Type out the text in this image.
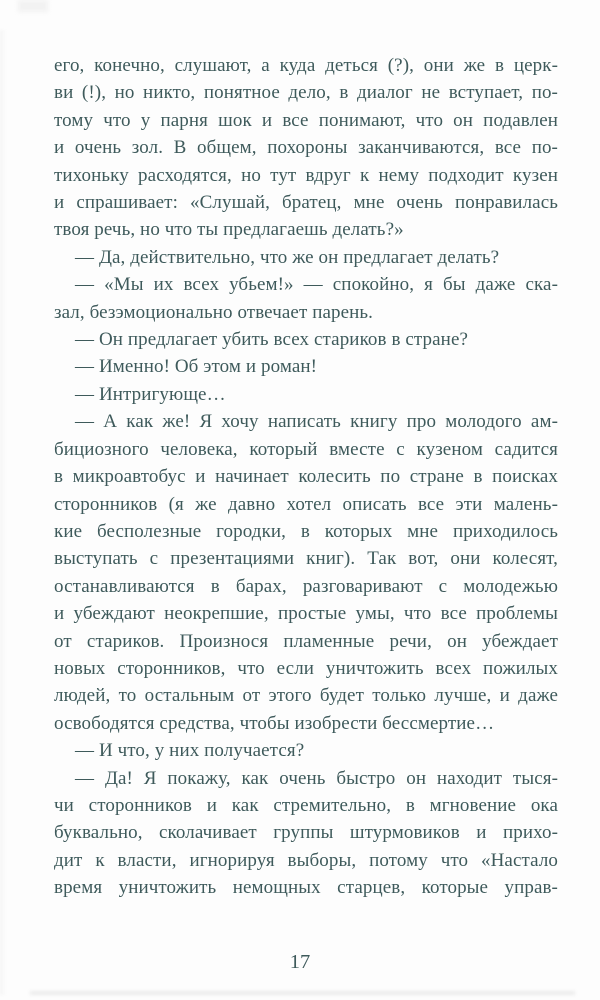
его, конечно, слушают, а куда деться (?), они же в церк-
ви (!), но никто, понятное дело, в диалог не вступает, по-
тому что у парня шок и все понимают, что он подавлен
и очень зол. В общем, похороны заканчиваются, все по-
тихоньку расходятся, но тут вдруг к нему подходит кузен
и спрашивает: «Слушай, братец, мне очень понравилась
твоя речь, но что ты предлагаешь делать?»
— Да, действительно, что же он предлагает делать?
— «Мы их всех убьем!» — спокойно, я бы даже ска-
зал, безэмоционально отвечает парень.
— Он предлагает убить всех стариков в стране?
— Именно! Об этом и роман!
— Интригующе…
— А как же! Я хочу написать книгу про молодого ам-
бициозного человека, который вместе с кузеном садится
в микроавтобус и начинает колесить по стране в поисках
сторонников (я же давно хотел описать все эти малень-
кие бесполезные городки, в которых мне приходилось
выступать с презентациями книг). Так вот, они колесят,
останавливаются в барах, разговаривают с молодежью
и убеждают неокрепшие, простые умы, что все проблемы
от стариков. Произнося пламенные речи, он убеждает
новых сторонников, что если уничтожить всех пожилых
людей, то остальным от этого будет только лучше, и даже
освободятся средства, чтобы изобрести бессмертие…
— И что, у них получается?
— Да! Я покажу, как очень быстро он находит тыся-
чи сторонников и как стремительно, в мгновение ока
буквально, сколачивает группы штурмовиков и прихо-
дит к власти, игнорируя выборы, потому что «Настало
время уничтожить немощных старцев, которые управ-
17
